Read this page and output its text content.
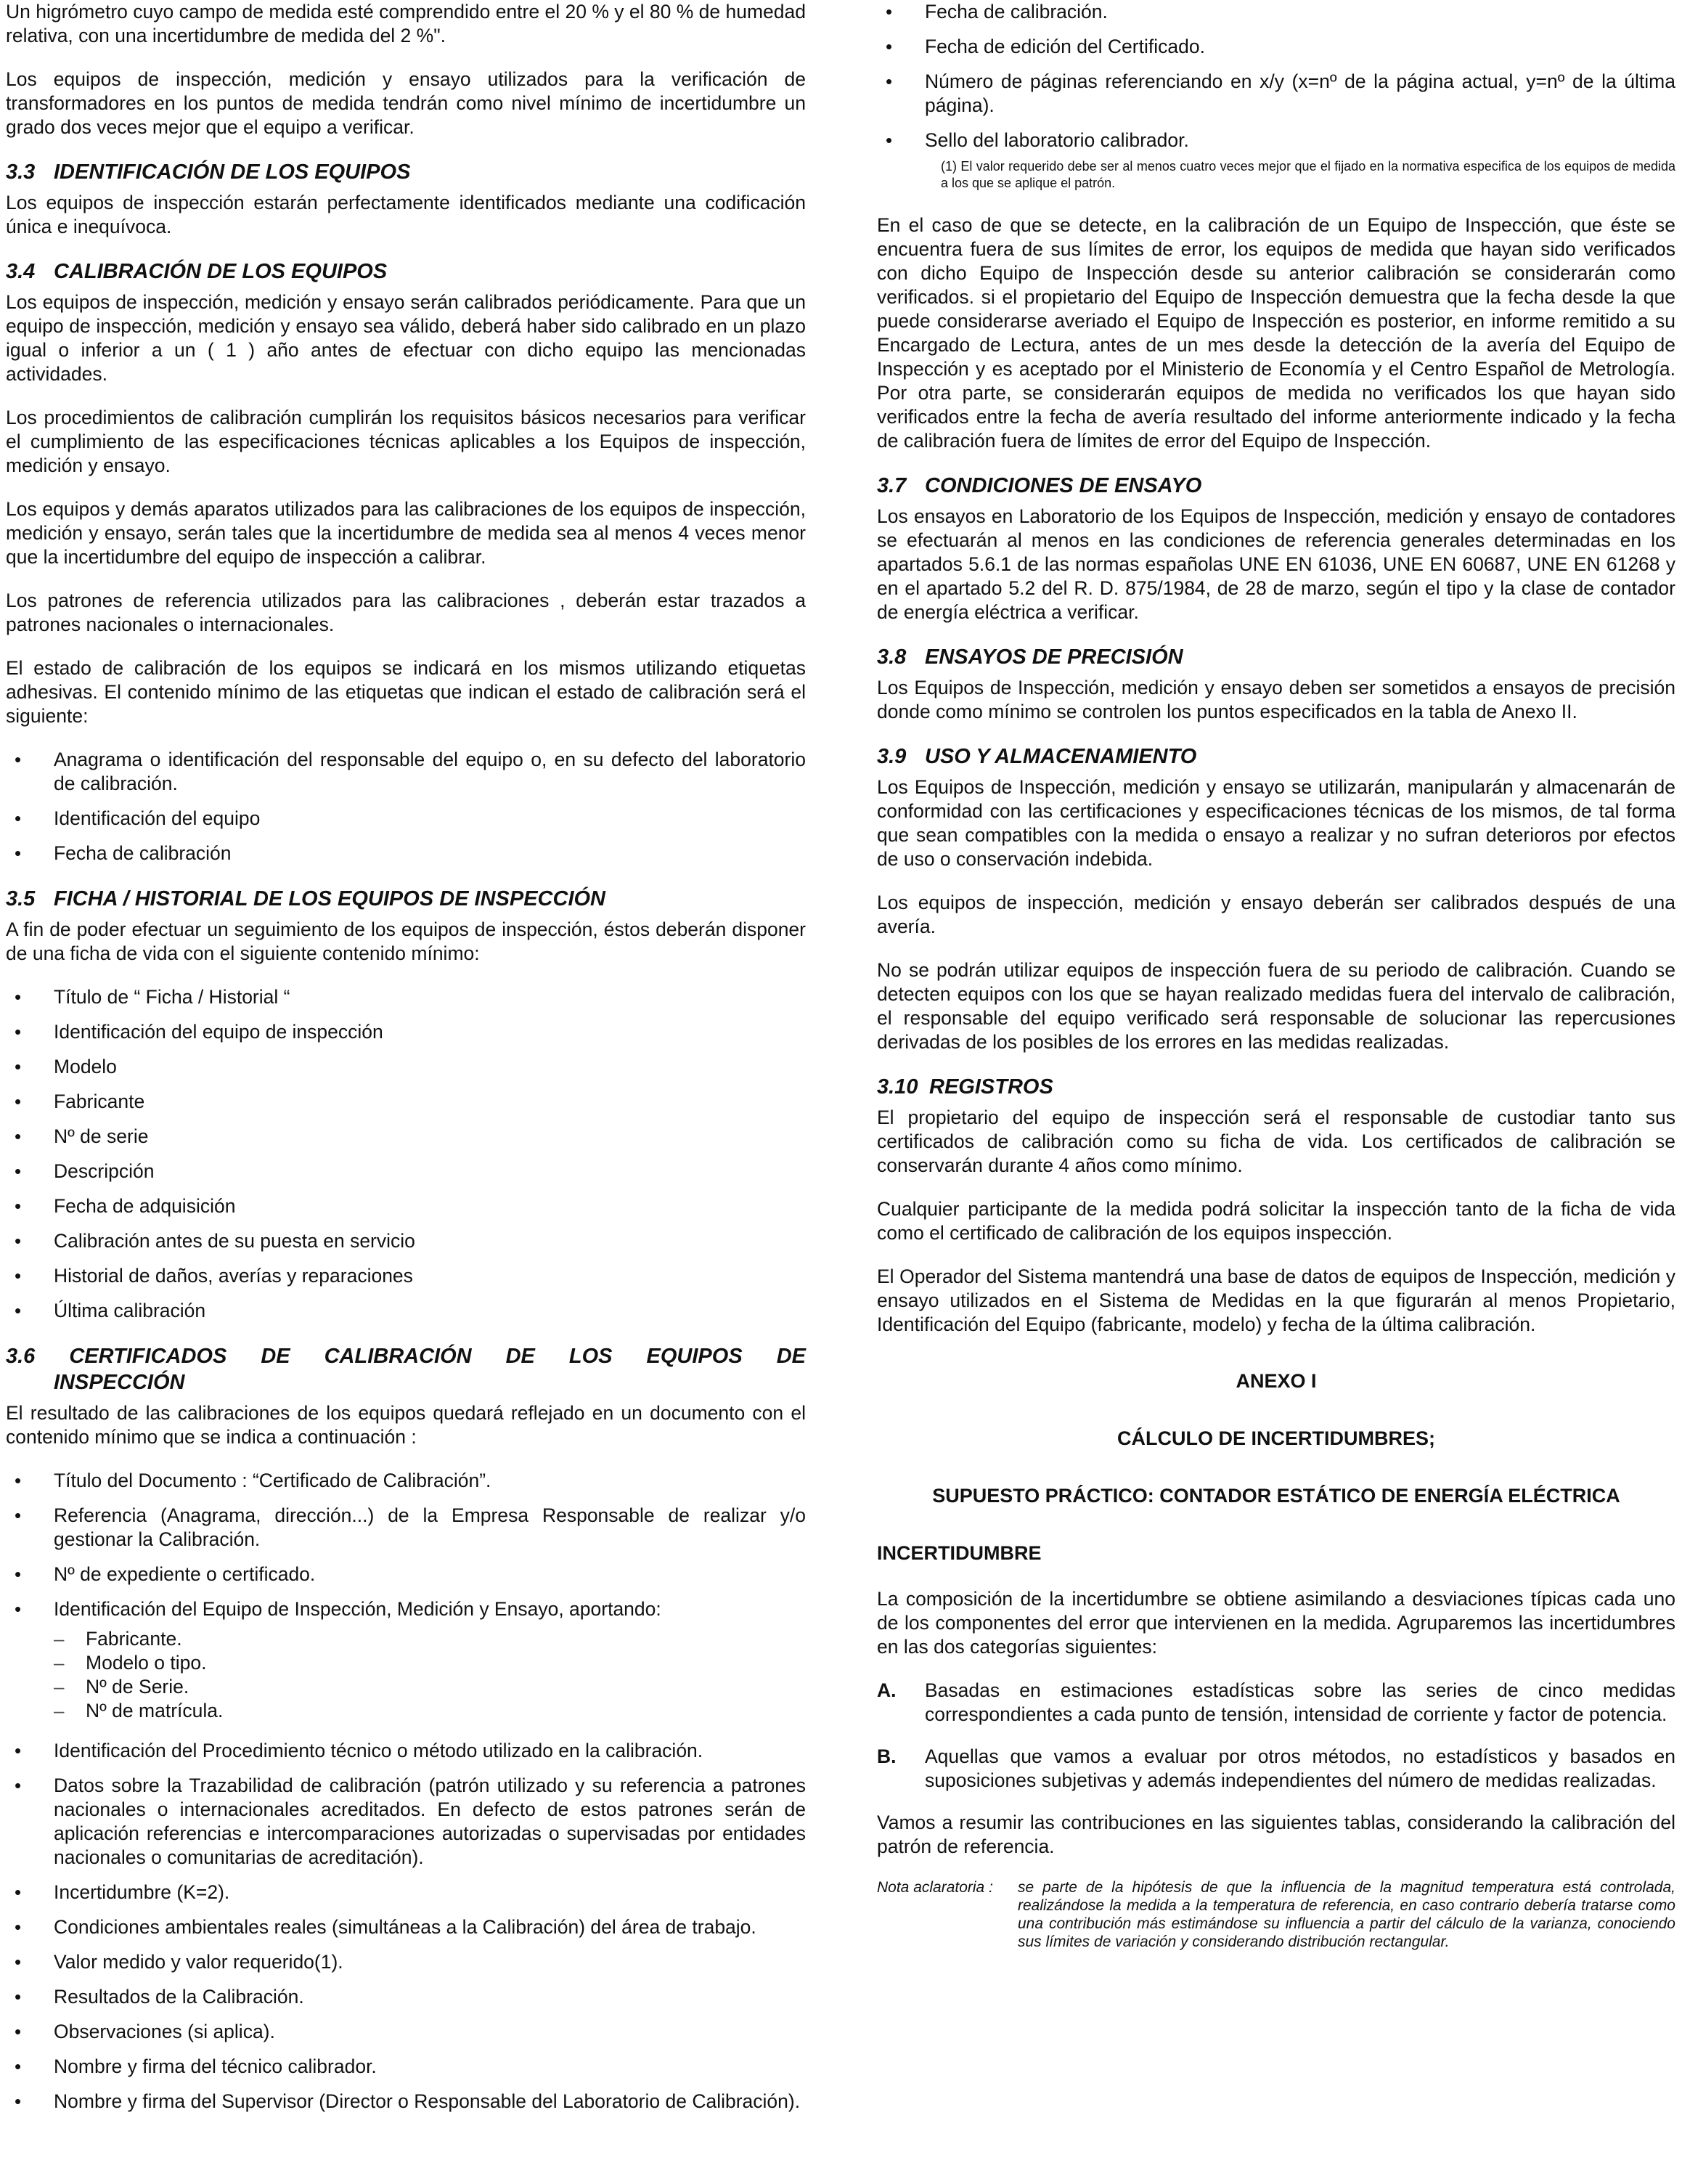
Un higrómetro cuyo campo de medida esté comprendido entre el 20 % y el 80 % de humedad relativa, con una incertidumbre de medida del 2 %".

Los equipos de inspección, medición y ensayo utilizados para la verificación de transformadores en los puntos de medida tendrán como nivel mínimo de incertidumbre un grado dos veces mejor que el equipo a verificar.

3.3 IDENTIFICACIÓN DE LOS EQUIPOS

Los equipos de inspección estarán perfectamente identificados mediante una codificación única e inequívoca.

3.4 CALIBRACIÓN DE LOS EQUIPOS

Los equipos de inspección, medición y ensayo serán calibrados periódicamente. Para que un equipo de inspección, medición y ensayo sea válido, deberá haber sido calibrado en un plazo igual o inferior a un ( 1 ) año antes de efectuar con dicho equipo las mencionadas actividades.

Los procedimientos de calibración cumplirán los requisitos básicos necesarios para verificar el cumplimiento de las especificaciones técnicas aplicables a los Equipos de inspección, medición y ensayo.

Los equipos y demás aparatos utilizados para las calibraciones de los equipos de inspección, medición y ensayo, serán tales que la incertidumbre de medida sea al menos 4 veces menor que la incertidumbre del equipo de inspección a calibrar.

Los patrones de referencia utilizados para las calibraciones , deberán estar trazados a patrones nacionales o internacionales.

El estado de calibración de los equipos se indicará en los mismos utilizando etiquetas adhesivas. El contenido mínimo de las etiquetas que indican el estado de calibración será el siguiente:

• Anagrama o identificación del responsable del equipo o, en su defecto del laboratorio de calibración.
• Identificación del equipo
• Fecha de calibración
3.5 FICHA / HISTORIAL DE LOS EQUIPOS DE INSPECCIÓN

A fin de poder efectuar un seguimiento de los equipos de inspección, éstos deberán disponer de una ficha de vida con el siguiente contenido mínimo:

• Título de “ Ficha / Historial “
• Identificación del equipo de inspección
• Modelo
• Fabricante
• Nº de serie
• Descripción
• Fecha de adquisición
• Calibración antes de su puesta en servicio
• Historial de daños, averías y reparaciones
• Última calibración
3.6 CERTIFICADOS DE CALIBRACIÓN DE LOS EQUIPOS DE
INSPECCIÓN

El resultado de las calibraciones de los equipos quedará reflejado en un documento con el contenido mínimo que se indica a continuación :

• Título del Documento : “Certificado de Calibración”.
• Referencia (Anagrama, dirección...) de la Empresa Responsable de realizar y/o gestionar la Calibración.
• Nº de expediente o certificado.
• Identificación del Equipo de Inspección, Medición y Ensayo, aportando:
– Fabricante.
– Modelo o tipo.
– Nº de Serie.
– Nº de matrícula.
• Identificación del Procedimiento técnico o método utilizado en la calibración.
• Datos sobre la Trazabilidad de calibración (patrón utilizado y su referencia a patrones nacionales o internacionales acreditados. En defecto de estos patrones serán de aplicación referencias e intercomparaciones autorizadas o supervisadas por entidades nacionales o comunitarias de acreditación).
• Incertidumbre (K=2).
• Condiciones ambientales reales (simultáneas a la Calibración) del área de trabajo.
• Valor medido y valor requerido(1).
• Resultados de la Calibración.
• Observaciones (si aplica).
• Nombre y firma del técnico calibrador.
• Nombre y firma del Supervisor (Director o Responsable del Laboratorio de Calibración).
• Fecha de calibración.
• Fecha de edición del Certificado.
• Número de páginas referenciando en x/y (x=nº de la página actual, y=nº de la última página).
• Sello del laboratorio calibrador.
(1) El valor requerido debe ser al menos cuatro veces mejor que el fijado en la normativa especifica de los equipos de medida a los que se aplique el patrón.

En el caso de que se detecte, en la calibración de un Equipo de Inspección, que éste se encuentra fuera de sus límites de error, los equipos de medida que hayan sido verificados con dicho Equipo de Inspección desde su anterior calibración se considerarán como verificados. si el propietario del Equipo de Inspección demuestra que la fecha desde la que puede considerarse averiado el Equipo de Inspección es posterior, en informe remitido a su Encargado de Lectura, antes de un mes desde la detección de la avería del Equipo de Inspección y es aceptado por el Ministerio de Economía y el Centro Español de Metrología. Por otra parte, se considerarán equipos de medida no verificados los que hayan sido verificados entre la fecha de avería resultado del informe anteriormente indicado y la fecha de calibración fuera de límites de error del Equipo de Inspección.

3.7 CONDICIONES DE ENSAYO

Los ensayos en Laboratorio de los Equipos de Inspección, medición y ensayo de contadores se efectuarán al menos en las condiciones de referencia generales determinadas en los apartados 5.6.1 de las normas españolas UNE EN 61036, UNE EN 60687, UNE EN 61268 y en el apartado 5.2 del R. D. 875/1984, de 28 de marzo, según el tipo y la clase de contador de energía eléctrica a verificar.

3.8 ENSAYOS DE PRECISIÓN

Los Equipos de Inspección, medición y ensayo deben ser sometidos a ensayos de precisión donde como mínimo se controlen los puntos especificados en la tabla de Anexo II.

3.9 USO Y ALMACENAMIENTO

Los Equipos de Inspección, medición y ensayo se utilizarán, manipularán y almacenarán de conformidad con las certificaciones y especificaciones técnicas de los mismos, de tal forma que sean compatibles con la medida o ensayo a realizar y no sufran deterioros por efectos de uso o conservación indebida.

Los equipos de inspección, medición y ensayo deberán ser calibrados después de una avería.

No se podrán utilizar equipos de inspección fuera de su periodo de calibración. Cuando se detecten equipos con los que se hayan realizado medidas fuera del intervalo de calibración, el responsable del equipo verificado será responsable de solucionar las repercusiones derivadas de los posibles de los errores en las medidas realizadas.

3.10 REGISTROS

El propietario del equipo de inspección será el responsable de custodiar tanto sus certificados de calibración como su ficha de vida. Los certificados de calibración se conservarán durante 4 años como mínimo.

Cualquier participante de la medida podrá solicitar la inspección tanto de la ficha de vida como el certificado de calibración de los equipos inspección.

El Operador del Sistema mantendrá una base de datos de equipos de Inspección, medición y ensayo utilizados en el Sistema de Medidas en la que figurarán al menos Propietario, Identificación del Equipo (fabricante, modelo) y fecha de la última calibración.

ANEXO I

CÁLCULO DE INCERTIDUMBRES;

SUPUESTO PRÁCTICO: CONTADOR ESTÁTICO DE ENERGÍA ELÉCTRICA

INCERTIDUMBRE

La composición de la incertidumbre se obtiene asimilando a desviaciones típicas cada uno de los componentes del error que intervienen en la medida. Agruparemos las incertidumbres en las dos categorías siguientes:

A.	Basadas en estimaciones estadísticas sobre las series de cinco medidas correspondientes a cada punto de tensión, intensidad de corriente y factor de potencia.
B.	Aquellas que vamos a evaluar por otros métodos, no estadísticos y basados en suposiciones subjetivas y además independientes del número de medidas realizadas.

Vamos a resumir las contribuciones en las siguientes tablas, considerando la calibración del patrón de referencia.

Nota aclaratoria :	se parte de la hipótesis de que la influencia de la magnitud temperatura está controlada, realizándose la medida a la temperatura de referencia, en caso contrario debería tratarse como una contribución más estimándose su influencia a partir del cálculo de la varianza, conociendo sus límites de variación y considerando distribución rectangular.
